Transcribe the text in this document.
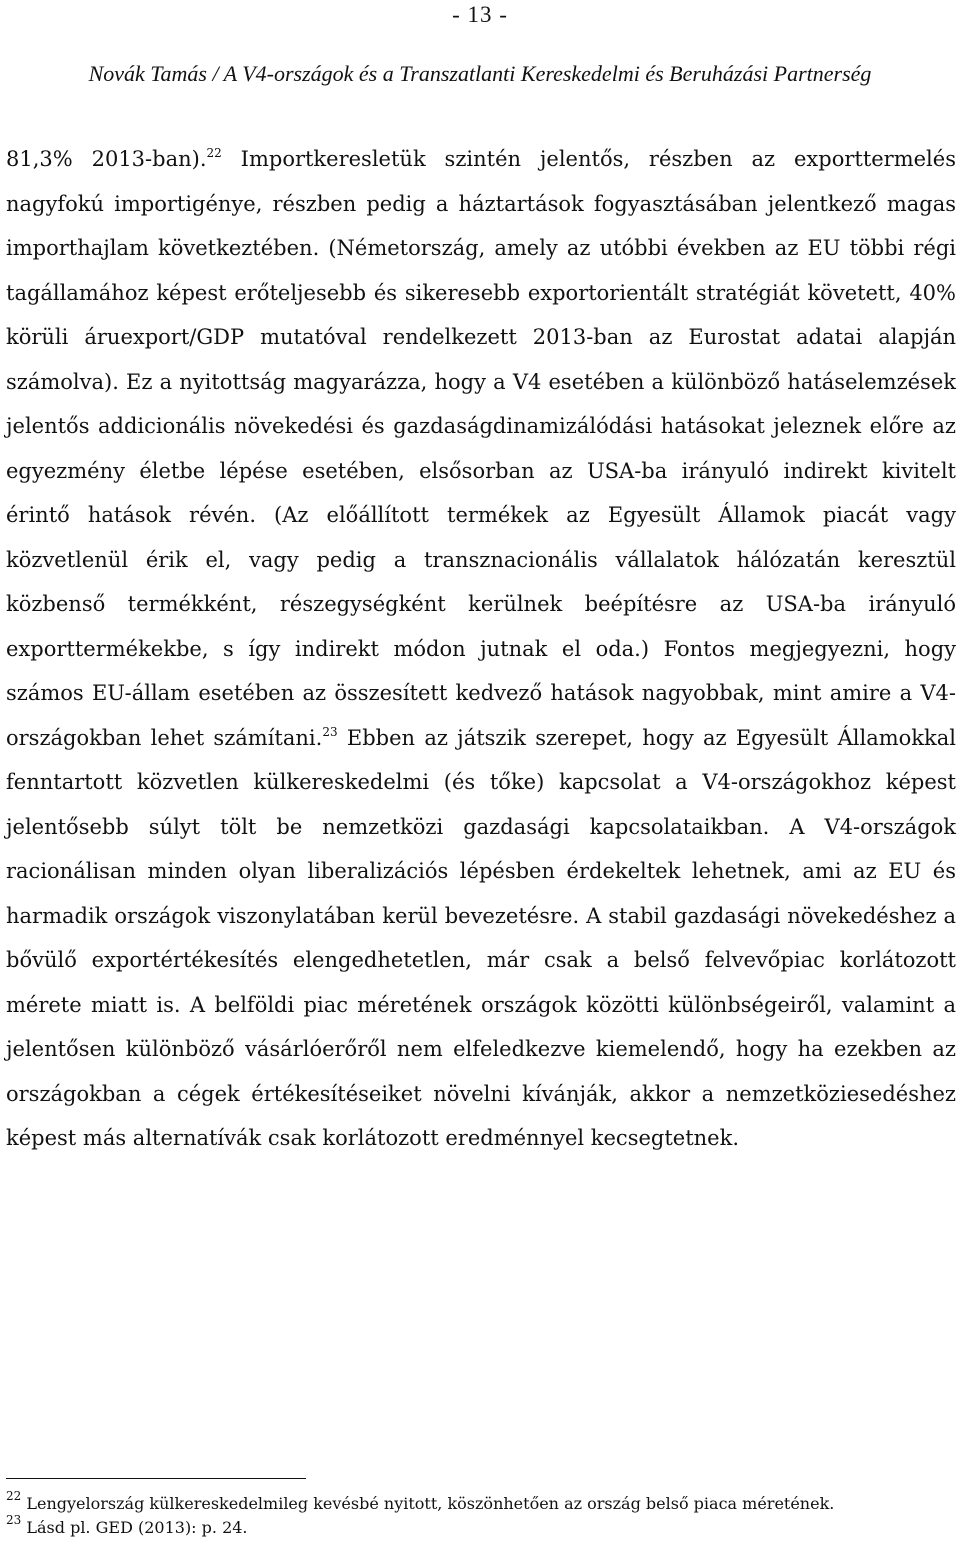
- 13 -
Novák Tamás / A V4-országok és a Transzatlanti Kereskedelmi és Beruházási Partnerség

81,3% 2013-ban).$^{22}$ Importkeresletük szintén jelentős, részben az exporttermelés nagyfokú importigénye, részben pedig a háztartások fogyasztásában jelentkező magas importhajlam következtében. (Németország, amely az utóbbi években az EU többi régi tagállamához képest erőteljesebb és sikeresebb exportorientált stratégiát követett, 40% körüli áruexport/GDP mutatóval rendelkezett 2013-ban az Eurostat adatai alapján számolva). Ez a nyitottság magyarázza, hogy a V4 esetében a különböző hatáselemzések jelentős addicionális növekedési és gazdaságdinamizálódási hatásokat jeleznek előre az egyezmény életbe lépése esetében, elsősorban az USA-ba irányuló indirekt kivitelt érintő hatások révén. (Az előállított termékek az Egyesült Államok piacát vagy közvetlenül érik el, vagy pedig a transznacionális vállalatok hálózatán keresztül közbenső termékként, részegységként kerülnek beépítésre az USA-ba irányuló exporttermékekbe, s így indirekt módon jutnak el oda.) Fontos megjegyezni, hogy számos EU-állam esetében az összesített kedvező hatások nagyobbak, mint amire a V4-országokban lehet számítani.$^{23}$ Ebben az játszik szerepet, hogy az Egyesült Államokkal fenntartott közvetlen külkereskedelmi (és tőke) kapcsolat a V4-országokhoz képest jelentősebb súlyt tölt be nemzetközi gazdasági kapcsolataikban. A V4-országok racionálisan minden olyan liberalizációs lépésben érdekeltek lehetnek, ami az EU és harmadik országok viszonylatában kerül bevezetésre. A stabil gazdasági növekedéshez a bővülő exportértékesítés elengedhetetlen, már csak a belső felvevőpiac korlátozott mérete miatt is. A belföldi piac méretének országok közötti különbségeiről, valamint a jelentősen különböző vásárlóerőről nem elfeledkezve kiemelendő, hogy ha ezekben az országokban a cégek értékesítéseiket növelni kívánják, akkor a nemzetköziesedéshez képest más alternatívák csak korlátozott eredménnyel kecsegtetnek.

$^{22}$ Lengyelország külkereskedelmileg kevésbé nyitott, köszönhetően az ország belső piaca méretének.
$^{23}$ Lásd pl. GED (2013): p. 24.
